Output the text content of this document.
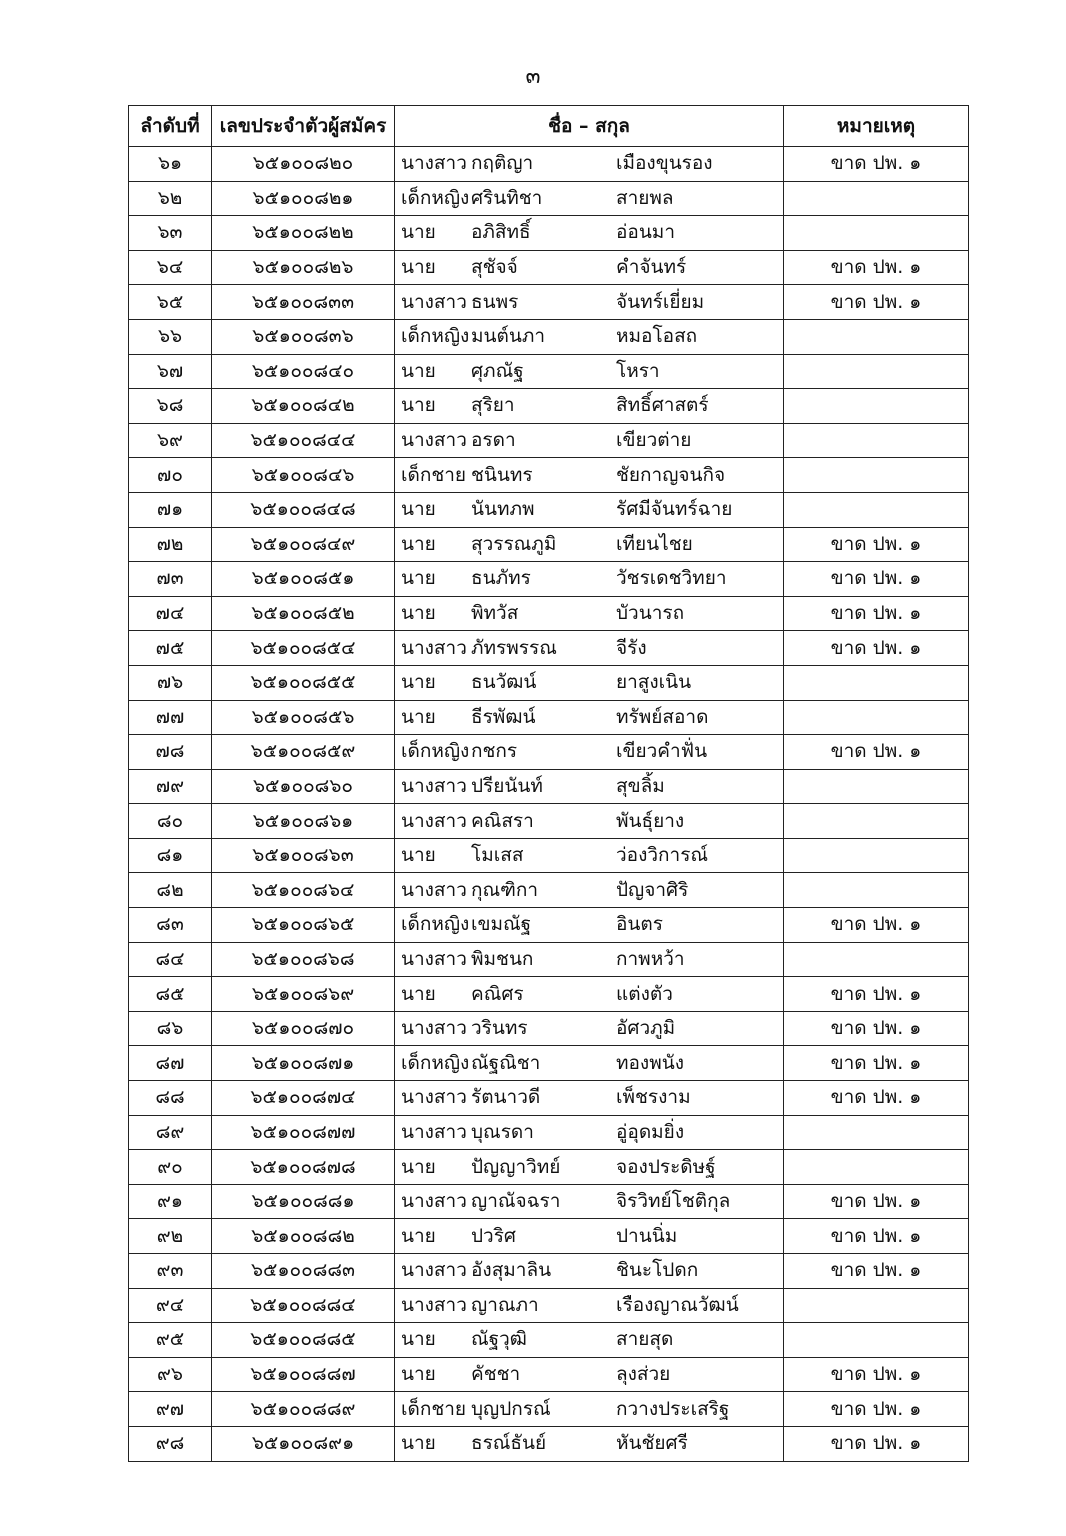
๓
ลำดับที่	เลขประจำตัวผู้สมัคร	ชื่อ – สกุล	หมายเหตุ
๖๑	๖๕๑๐๐๘๒๐	นางสาว กฤติญา เมืองขุนรอง	ขาด ปพ. ๑
๖๒	๖๕๑๐๐๘๒๑	เด็กหญิง ศรินทิชา สายพล	

๖๓	๖๕๑๐๐๘๒๒	นาย อภิสิทธิ์ อ่อนมา	

๖๔	๖๕๑๐๐๘๒๖	นาย สุชัจจ์ คำจันทร์	ขาด ปพ. ๑
๖๕	๖๕๑๐๐๘๓๓	นางสาว ธนพร จันทร์เยี่ยม	ขาด ปพ. ๑
๖๖	๖๕๑๐๐๘๓๖	เด็กหญิง มนต์นภา หมอโอสถ	

๖๗	๖๕๑๐๐๘๔๐	นาย ศุภณัฐ โหรา	

๖๘	๖๕๑๐๐๘๔๒	นาย สุริยา สิทธิ์ศาสตร์	

๖๙	๖๕๑๐๐๘๔๔	นางสาว อรดา เขียวต่าย	

๗๐	๖๕๑๐๐๘๔๖	เด็กชาย ชนินทร ชัยกาญจนกิจ	

๗๑	๖๕๑๐๐๘๔๘	นาย นันทภพ รัศมีจันทร์ฉาย	

๗๒	๖๕๑๐๐๘๔๙	นาย สุวรรณภูมิ เทียนไชย	ขาด ปพ. ๑
๗๓	๖๕๑๐๐๘๕๑	นาย ธนภัทร วัชรเดชวิทยา	ขาด ปพ. ๑
๗๔	๖๕๑๐๐๘๕๒	นาย พิทวัส บัวนารถ	ขาด ปพ. ๑
๗๕	๖๕๑๐๐๘๕๔	นางสาว ภัทรพรรณ จีรัง	ขาด ปพ. ๑
๗๖	๖๕๑๐๐๘๕๕	นาย ธนวัฒน์ ยาสูงเนิน	

๗๗	๖๕๑๐๐๘๕๖	นาย ธีรพัฒน์ ทรัพย์สอาด	

๗๘	๖๕๑๐๐๘๕๙	เด็กหญิง กชกร เขียวคำฟั่น	ขาด ปพ. ๑
๗๙	๖๕๑๐๐๘๖๐	นางสาว ปรียนันท์ สุขลิ้ม	

๘๐	๖๕๑๐๐๘๖๑	นางสาว คณิสรา พันธุ์ยาง	

๘๑	๖๕๑๐๐๘๖๓	นาย โมเสส ว่องวิการณ์	

๘๒	๖๕๑๐๐๘๖๔	นางสาว กุณฑิกา ปัญจาศิริ	

๘๓	๖๕๑๐๐๘๖๕	เด็กหญิง เขมณัฐ อินตร	ขาด ปพ. ๑
๘๔	๖๕๑๐๐๘๖๘	นางสาว พิมชนก กาพหว้า	

๘๕	๖๕๑๐๐๘๖๙	นาย คณิศร แต่งตัว	ขาด ปพ. ๑
๘๖	๖๕๑๐๐๘๗๐	นางสาว วรินทร อัศวภูมิ	ขาด ปพ. ๑
๘๗	๖๕๑๐๐๘๗๑	เด็กหญิง ณัฐณิชา ทองพนัง	ขาด ปพ. ๑
๘๘	๖๕๑๐๐๘๗๔	นางสาว รัตนาวดี เพ็ชรงาม	ขาด ปพ. ๑
๘๙	๖๕๑๐๐๘๗๗	นางสาว บุณรดา อู่อุดมยิ่ง	

๙๐	๖๕๑๐๐๘๗๘	นาย ปัญญาวิทย์ จองประดิษฐ์	

๙๑	๖๕๑๐๐๘๘๑	นางสาว ญาณัจฉรา จิรวิทย์โชติกุล	ขาด ปพ. ๑
๙๒	๖๕๑๐๐๘๘๒	นาย ปวริศ ปานนิ่ม	ขาด ปพ. ๑
๙๓	๖๕๑๐๐๘๘๓	นางสาว อังสุมาลิน ชินะโปดก	ขาด ปพ. ๑
๙๔	๖๕๑๐๐๘๘๔	นางสาว ญาณภา เรืองญาณวัฒน์	

๙๕	๖๕๑๐๐๘๘๕	นาย ณัฐวุฒิ สายสุด	

๙๖	๖๕๑๐๐๘๘๗	นาย คัชชา ลุงส่วย	ขาด ปพ. ๑
๙๗	๖๕๑๐๐๘๘๙	เด็กชาย บุญปกรณ์ กวางประเสริฐ	ขาด ปพ. ๑
๙๘	๖๕๑๐๐๘๙๑	นาย ธรณ์ธันย์ หันชัยศรี	ขาด ปพ. ๑
